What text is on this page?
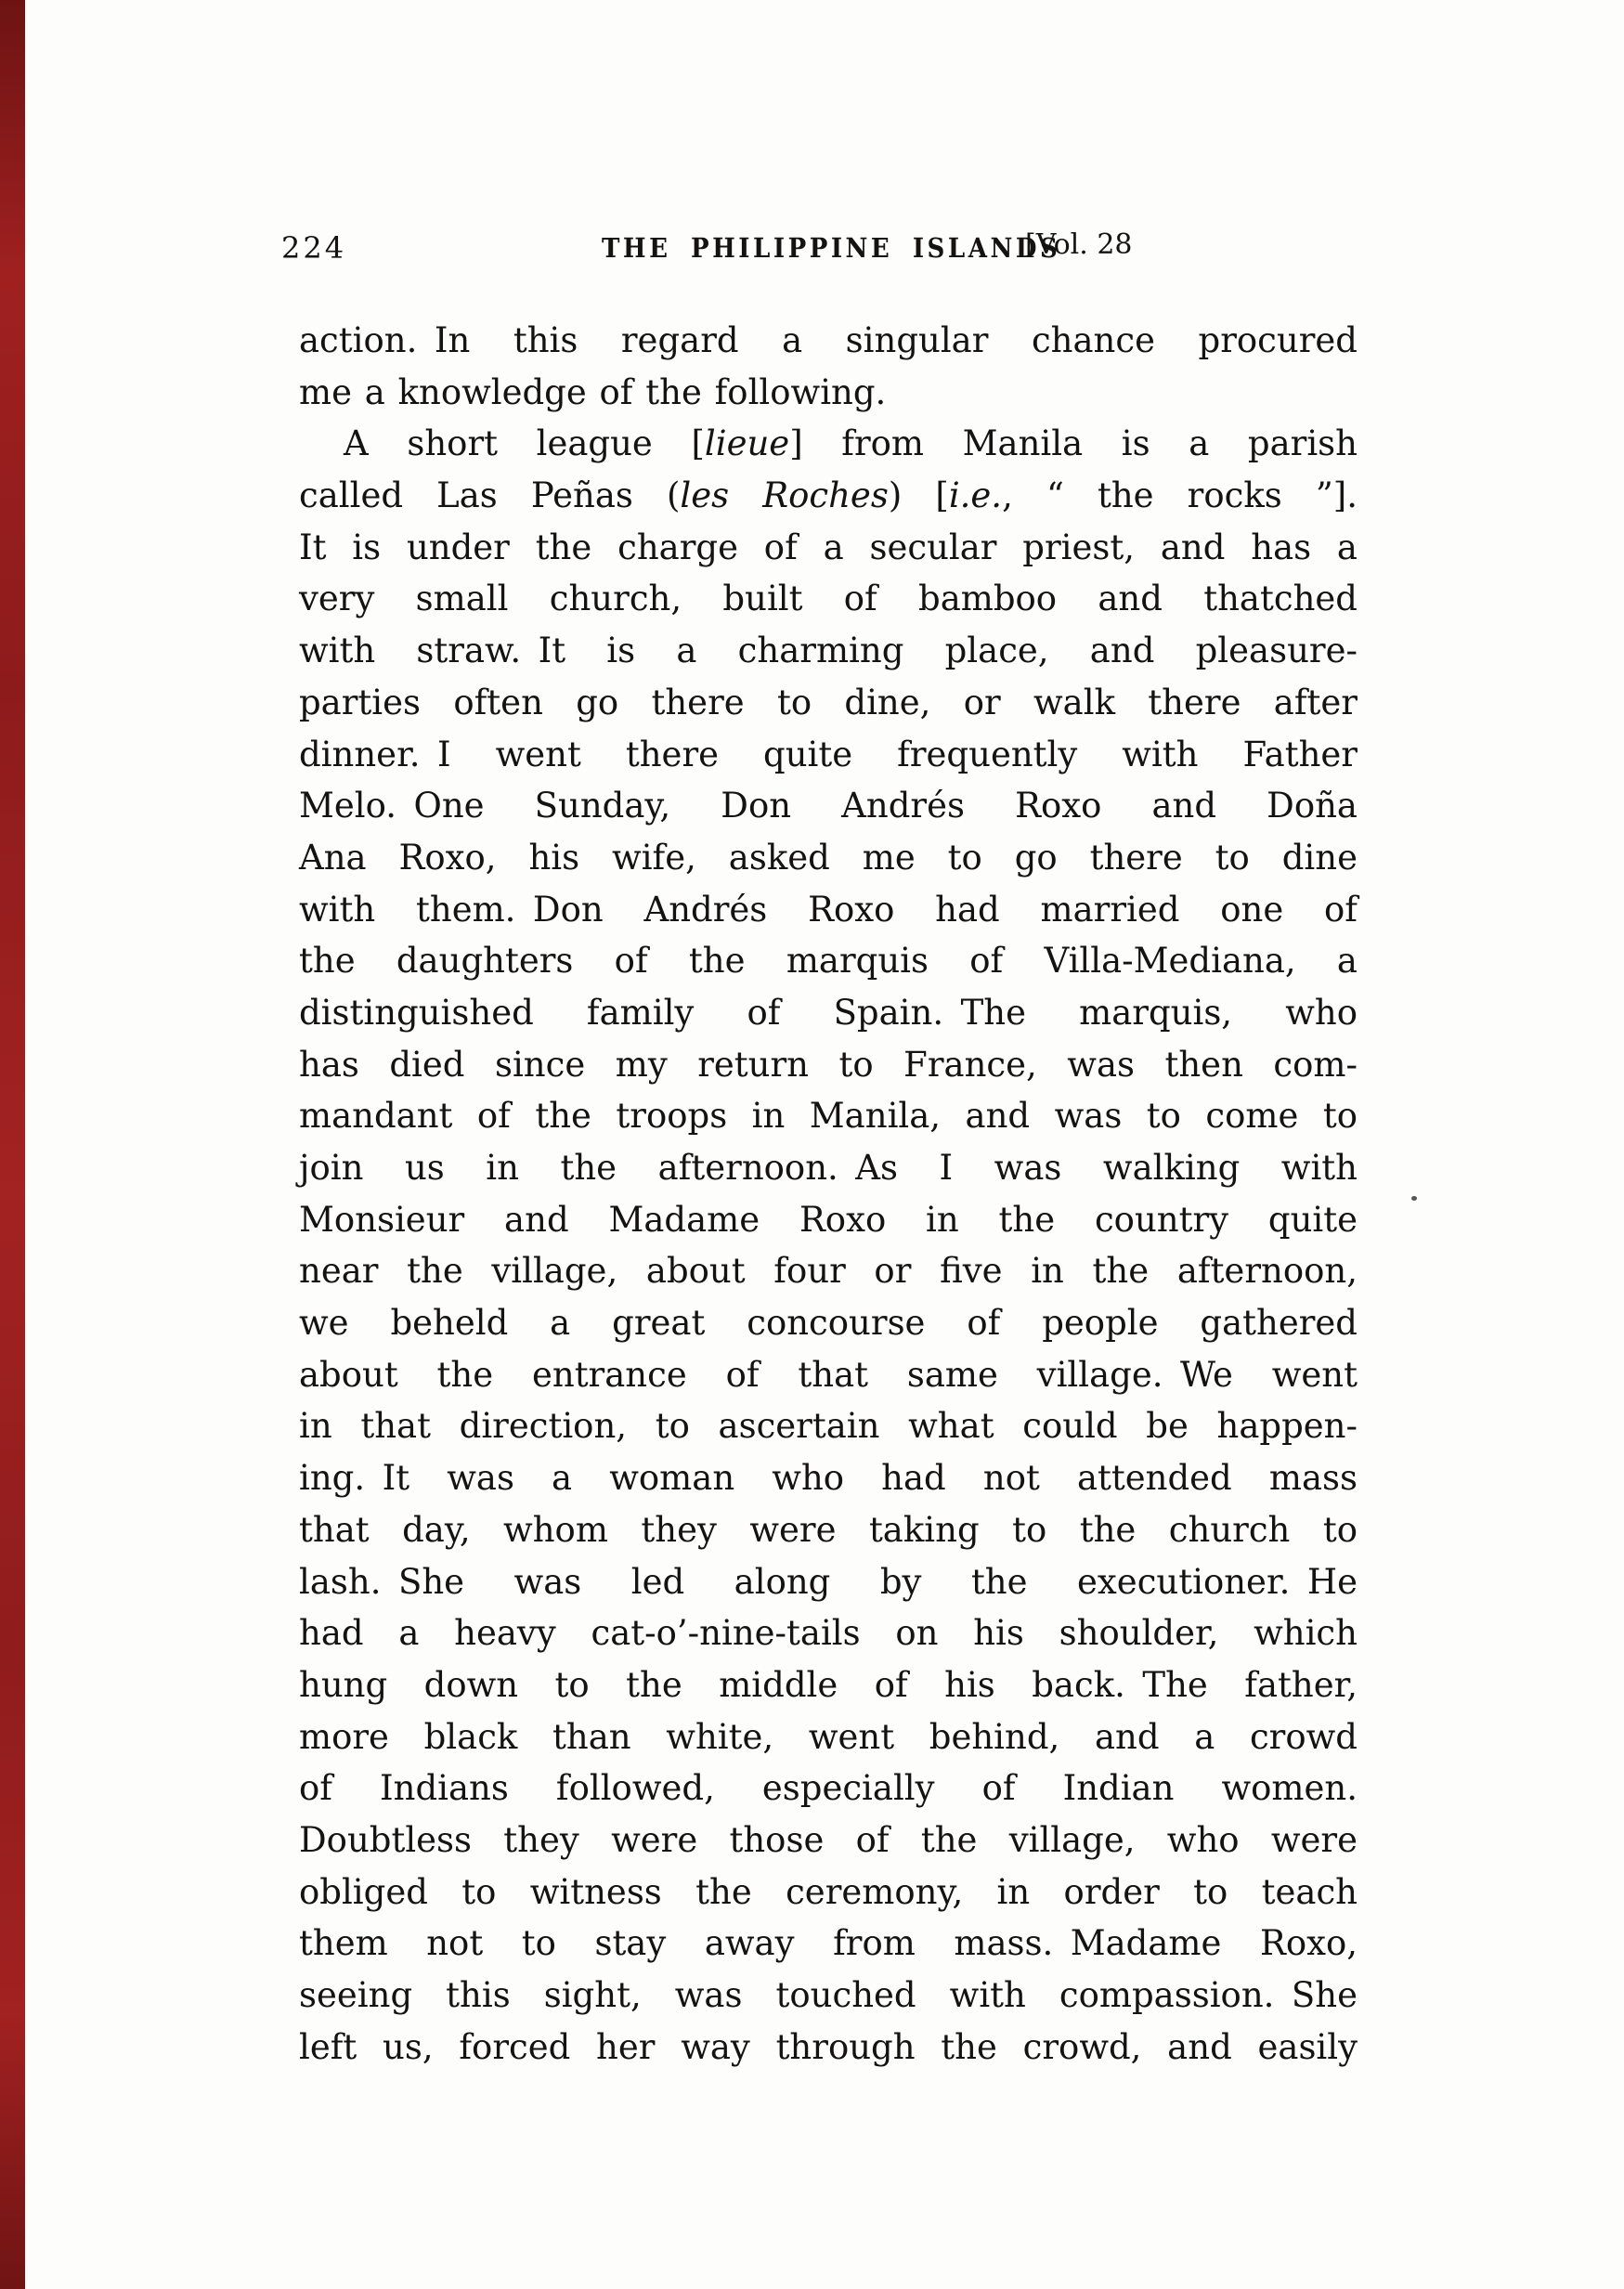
224	THE PHILIPPINE ISLANDS
[Vol. 28
action. In this regard a singular chance procured
me a knowledge of the following.
A short league [lieue] from Manila is a parish
called Las Peñas (les Roches) [i.e., “ the rocks ”].
It is under the charge of a secular priest, and has a
very small church, built of bamboo and thatched
with straw. It is a charming place, and pleasure-
parties often go there to dine, or walk there after
dinner. I went there quite frequently with Father
Melo. One Sunday, Don Andrés Roxo and Doña
Ana Roxo, his wife, asked me to go there to dine
with them. Don Andrés Roxo had married one of
the daughters of the marquis of Villa-Mediana, a
distinguished family of Spain. The marquis, who
has died since my return to France, was then com-
mandant of the troops in Manila, and was to come to
join us in the afternoon. As I was walking with
Monsieur and Madame Roxo in the country quite
near the village, about four or five in the afternoon,
we beheld a great concourse of people gathered
about the entrance of that same village. We went
in that direction, to ascertain what could be happen-
ing. It was a woman who had not attended mass
that day, whom they were taking to the church to
lash. She was led along by the executioner. He
had a heavy cat-o’-nine-tails on his shoulder, which
hung down to the middle of his back. The father,
more black than white, went behind, and a crowd
of Indians followed, especially of Indian women.
Doubtless they were those of the village, who were
obliged to witness the ceremony, in order to teach
them not to stay away from mass. Madame Roxo,
seeing this sight, was touched with compassion. She
left us, forced her way through the crowd, and easily
